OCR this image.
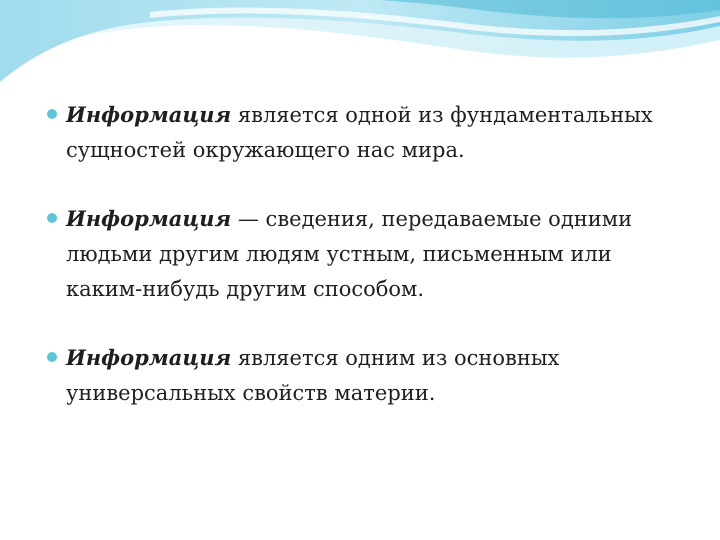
Информация является одной из фундаментальных сущностей окружающего нас мира.
Информация — сведения, передаваемые одними людьми другим людям устным, письменным или каким-нибудь другим способом.
Информация является одним из основных универсальных свойств материи.
